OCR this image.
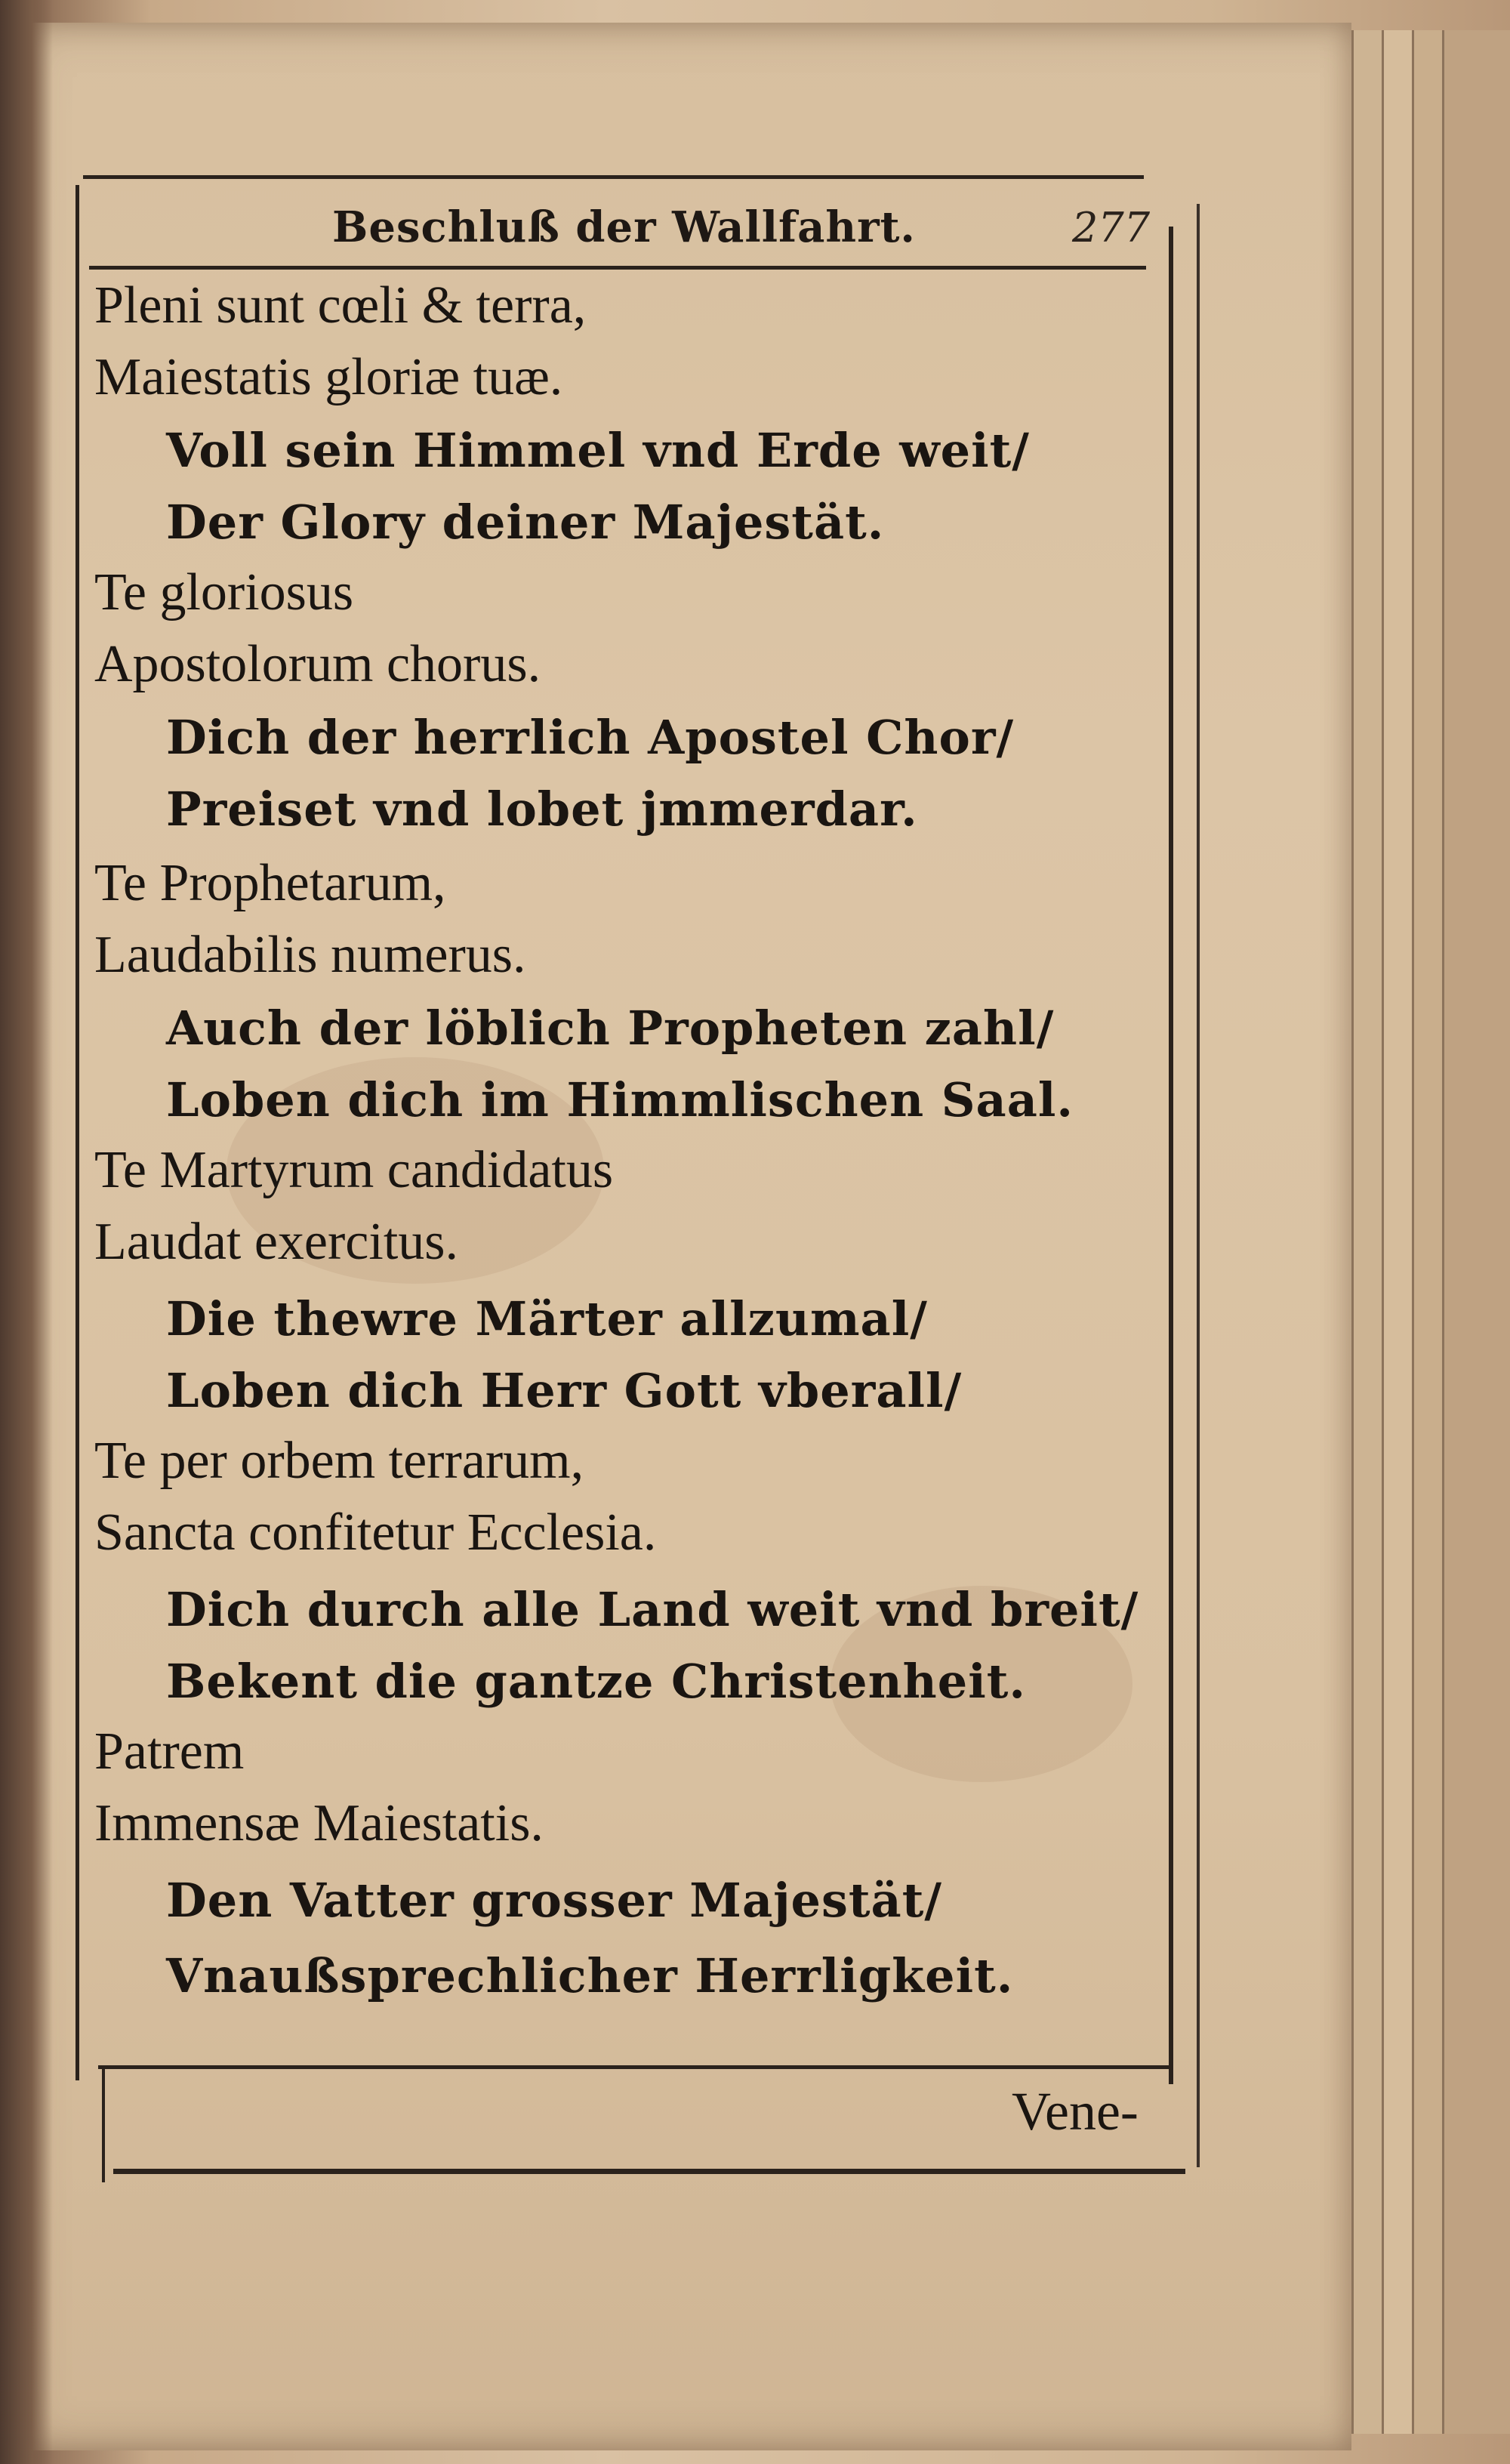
Beschluß der Wallfahrt.	277
Pleni sunt cœli & terra,
Maiestatis gloriæ tuæ.
Voll sein Himmel vnd Erde weit/
Der Glory deiner Majestät.
Te gloriosus
Apostolorum chorus.
Dich der herrlich Apostel Chor/
Preiset vnd lobet jmmerdar.
Te Prophetarum,
Laudabilis numerus.
Auch der löblich Propheten zahl/
Loben dich im Himmlischen Saal.
Te Martyrum candidatus
Laudat exercitus.
Die thewre Märter allzumal/
Loben dich Herr Gott vberall/
Te per orbem terrarum,
Sancta confitetur Ecclesia.
Dich durch alle Land weit vnd breit/
Bekent die gantze Christenheit.
Patrem
Immensæ Maiestatis.
Den Vatter grosser Majestät/
Vnaußsprechlicher Herrligkeit.
Vene-
